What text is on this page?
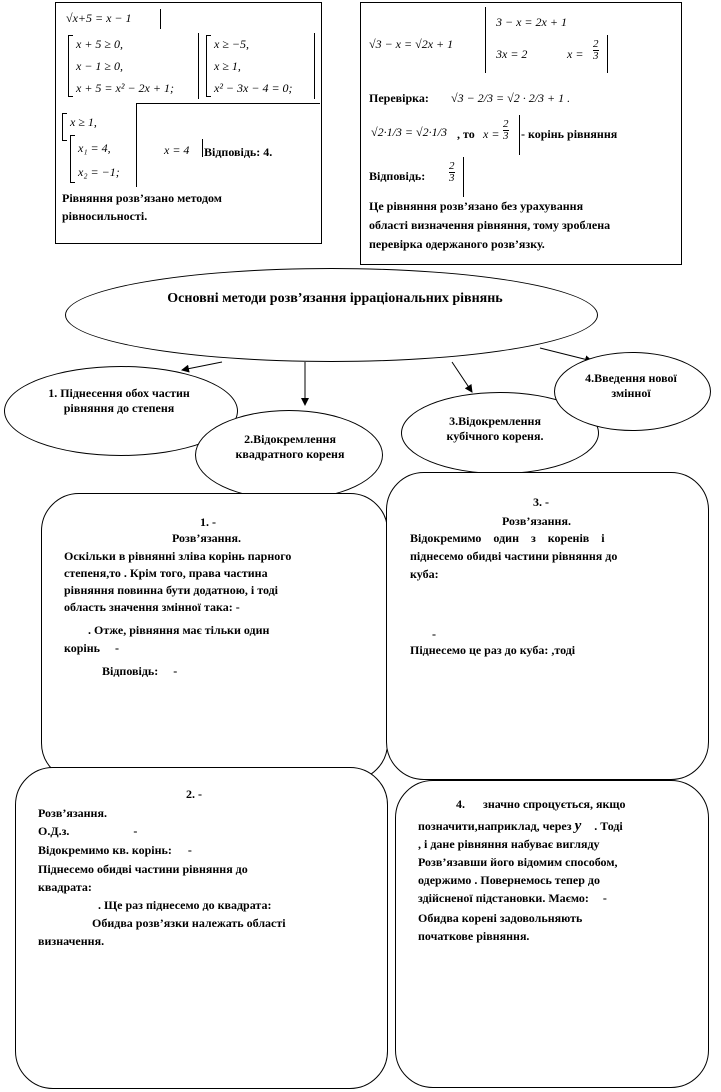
√x+5 = x − 1
x + 5 ≥ 0,
x − 1 ≥ 0,
x + 5 = x² − 2x + 1;
x ≥ −5,
x ≥ 1,
x² − 3x − 4 = 0;
x ≥ 1,
x₁ = 4,
x₂ = −1;
x = 4 Відповідь: 4.
Рівняння розв’язано методом
рівносильності.
√3 − x = √2x + 1
3 − x = 2x + 1
3x = 2	$x = \frac{2}{3}$
Перевірка: √3 − 2/3 = √2 · 2/3 + 1 .
√2·1/3 = √2·1/3 , то $x = \frac{2}{3}$ - корінь рівняння
Відповідь: $\frac{2}{3}$
Це рівняння розв’язано без урахування
області визначення рівняння, тому зроблена
перевірка одержаного розв’язку.
Основні методи розв’язання ірраціональних рівнянь
1. Піднесення обох частин рівняння до степеня
2.Відокремлення квадратного кореня
3.Відокремлення кубічного кореня.
4.Введення нової змінної
1. -
Розв’язання.
Оскільки в рівнянні зліва корінь парного
степеня,то . Крім того, права частина
рівняння повинна бути додатною, і тоді
область значення змінної така: -
. Отже, рівняння має тільки один
корінь -
Відповідь: -
3. -
Розв’язання.
Відокремимо    один    з    коренів    і
піднесемо обидві частини рівняння до
куба:
-
Піднесемо це раз до куба: ,тоді
2. -
Розв’язання.
О.Д.з.	-
Відокремимо кв. корінь: -
Піднесемо обидві частини рівняння до
квадрата:
. Ще раз піднесемо до квадрата:
Обидва розв’язки належать області
визначення.
4. значно спроцується, якщо
позначити,наприклад, через y . Тоді
, і дане рівняння набуває вигляду
Розв’язавши його відомим способом,
одержимо . Повернемось тепер до
здійсненої підстановки. Маємо: -
Обидва корені задовольняють
початкове рівняння.
